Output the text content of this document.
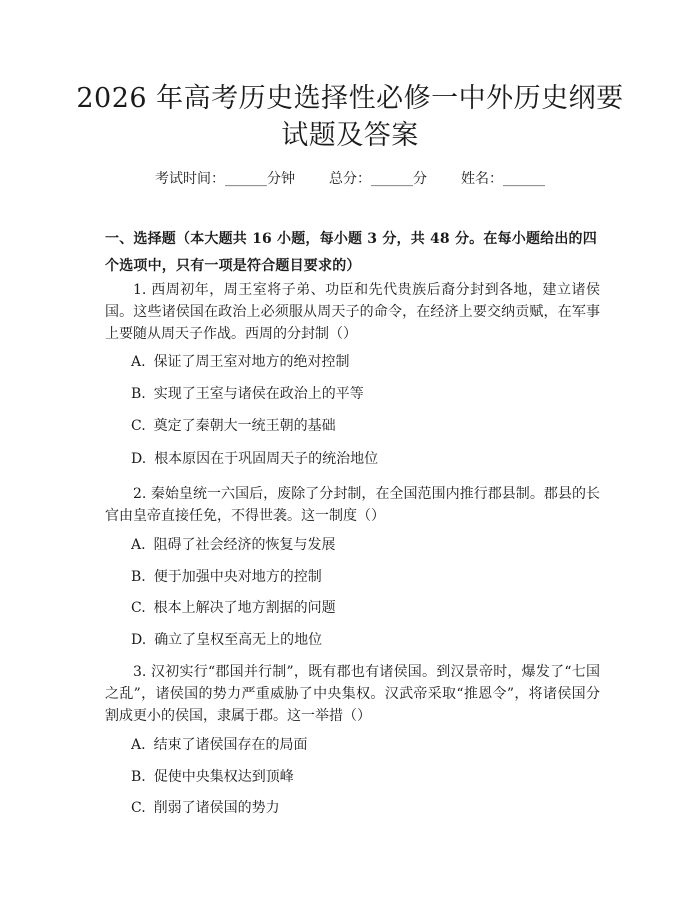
2026 年高考历史选择性必修一中外历史纲要
试题及答案
考试时间：______分钟 总分：______分 姓名：______
一、选择题（本大题共 16 小题，每小题 3 分，共 48 分。在每小题给出的四个选项中，只有一项是符合题目要求的）
1. 西周初年，周王室将子弟、功臣和先代贵族后裔分封到各地，建立诸侯国。这些诸侯国在政治上必须服从周天子的命令，在经济上要交纳贡赋，在军事上要随从周天子作战。西周的分封制（）
A. 保证了周王室对地方的绝对控制
B. 实现了王室与诸侯在政治上的平等
C. 奠定了秦朝大一统王朝的基础
D. 根本原因在于巩固周天子的统治地位
2. 秦始皇统一六国后，废除了分封制，在全国范围内推行郡县制。郡县的长官由皇帝直接任免，不得世袭。这一制度（）
A. 阻碍了社会经济的恢复与发展
B. 便于加强中央对地方的控制
C. 根本上解决了地方割据的问题
D. 确立了皇权至高无上的地位
3. 汉初实行“郡国并行制”，既有郡也有诸侯国。到汉景帝时，爆发了“七国之乱”，诸侯国的势力严重威胁了中央集权。汉武帝采取“推恩令”，将诸侯国分割成更小的侯国，隶属于郡。这一举措（）
A. 结束了诸侯国存在的局面
B. 促使中央集权达到顶峰
C. 削弱了诸侯国的势力
